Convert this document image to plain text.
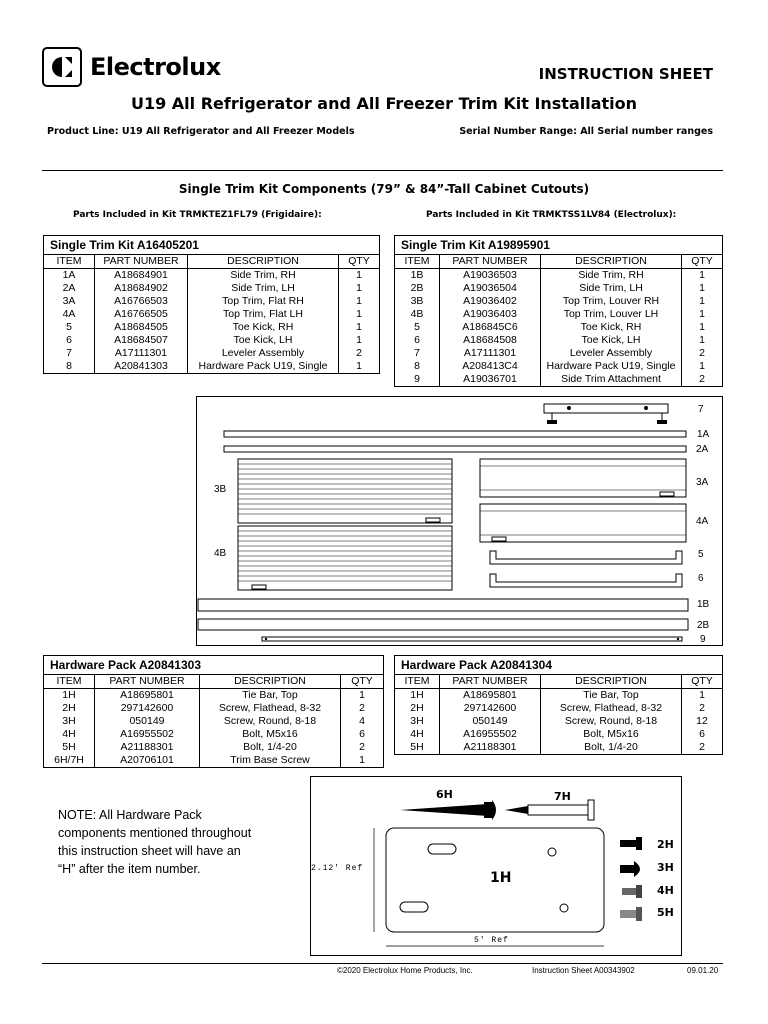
Electrolux	INSTRUCTION SHEET
U19 All Refrigerator and All Freezer Trim Kit Installation
Product Line: U19 All Refrigerator and All Freezer Models	Serial Number Range: All Serial number ranges
Single Trim Kit Components (79” & 84”-Tall Cabinet Cutouts)
Parts Included in Kit TRMKTEZ1FL79 (Frigidaire):	Parts Included in Kit TRMKTSS1LV84 (Electrolux):
Single Trim Kit A16405201			
ITEM	PART NUMBER	DESCRIPTION	QTY
1A	A18684901	Side Trim, RH	1
2A	A18684902	Side Trim, LH	1
3A	A16766503	Top Trim, Flat RH	1
4A	A16766505	Top Trim, Flat LH	1
5	A18684505	Toe Kick, RH	1
6	A18684507	Toe Kick, LH	1
7	A17111301	Leveler Assembly	2
8	A20841303	Hardware Pack U19, Single	1
Single Trim Kit A19895901			
ITEM	PART NUMBER	DESCRIPTION	QTY
1B	A19036503	Side Trim, RH	1
2B	A19036504	Side Trim, LH	1
3B	A19036402	Top Trim, Louver RH	1
4B	A19036403	Top Trim, Louver LH	1
5	A186845C6	Toe Kick, RH	1
6	A18684508	Toe Kick, LH	1
7	A17111301	Leveler Assembly	2
8	A208413C4	Hardware Pack U19, Single	1
9	A19036701	Side Trim Attachment	2
7
1A
2A
3B
3A
4A
4B	5
6
1B
2B
9
Hardware Pack A20841303			
ITEM	PART NUMBER	DESCRIPTION	QTY
1H	A18695801	Tie Bar, Top	1
2H	297142600	Screw, Flathead, 8-32	2
3H	050149	Screw, Round, 8-18	4
4H	A16955502	Bolt, M5x16	6
5H	A21188301	Bolt, 1/4-20	2
6H/7H	A20706101	Trim Base Screw	1
Hardware Pack A20841304			
ITEM	PART NUMBER	DESCRIPTION	QTY
1H	A18695801	Tie Bar, Top	1
2H	297142600	Screw, Flathead, 8-32	2
3H	050149	Screw, Round, 8-18	12
4H	A16955502	Bolt, M5x16	6
5H	A21188301	Bolt, 1/4-20	2
NOTE: All Hardware Pack components mentioned throughout this instruction sheet will have an “H” after the item number.
6H	7H
1H
2H
3H
4H
5H
2.12' Ref
5' Ref
©2020 Electrolux Home Products, Inc.	Instruction Sheet A00343902	09.01.20
